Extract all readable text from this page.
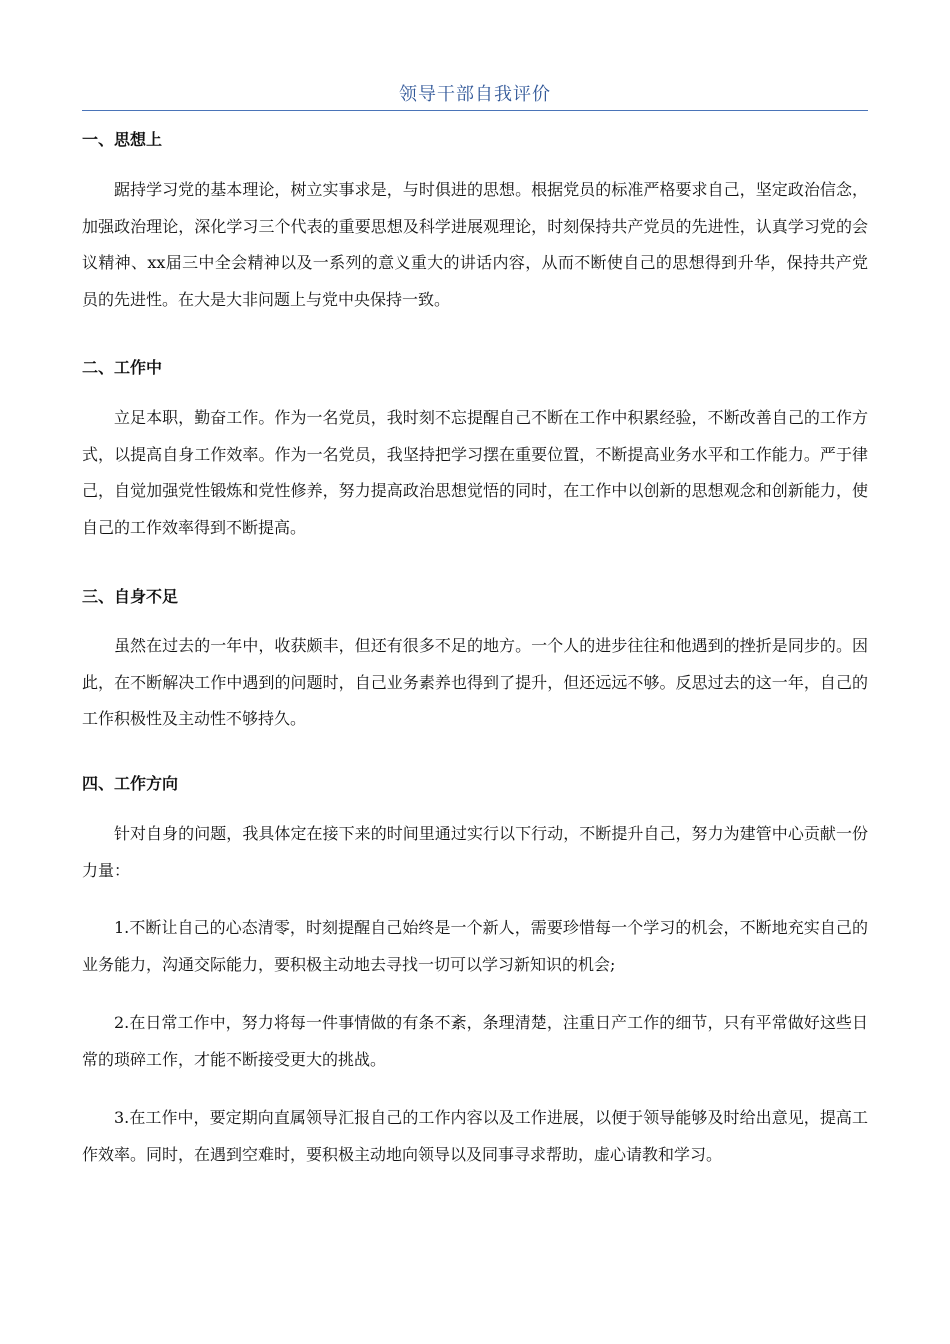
领导干部自我评价
一、思想上

踞持学习党的基本理论，树立实事求是，与时俱进的思想。根据党员的标准严格要求自己，坚定政治信念，加强政治理论，深化学习三个代表的重要思想及科学进展观理论，时刻保持共产党员的先进性，认真学习党的会议精神、xx届三中全会精神以及一系列的意义重大的讲话内容，从而不断使自己的思想得到升华，保持共产党员的先进性。在大是大非问题上与党中央保持一致。

二、工作中

立足本职，勤奋工作。作为一名党员，我时刻不忘提醒自己不断在工作中积累经验，不断改善自己的工作方式，以提高自身工作效率。作为一名党员，我坚持把学习摆在重要位置，不断提高业务水平和工作能力。严于律己，自觉加强党性锻炼和党性修养，努力提高政治思想觉悟的同时，在工作中以创新的思想观念和创新能力，使自己的工作效率得到不断提高。

三、自身不足

虽然在过去的一年中，收获颇丰，但还有很多不足的地方。一个人的进步往往和他遇到的挫折是同步的。因此，在不断解决工作中遇到的问题时，自己业务素养也得到了提升，但还远远不够。反思过去的这一年，自己的工作积极性及主动性不够持久。

四、工作方向

针对自身的问题，我具体定在接下来的时间里通过实行以下行动，不断提升自己，努力为建管中心贡献一份力量：

1.不断让自己的心态清零，时刻提醒自己始终是一个新人，需要珍惜每一个学习的机会，不断地充实自己的业务能力，沟通交际能力，要积极主动地去寻找一切可以学习新知识的机会;

2.在日常工作中，努力将每一件事情做的有条不紊，条理清楚，注重日产工作的细节，只有平常做好这些日常的琐碎工作，才能不断接受更大的挑战。

3.在工作中，要定期向直属领导汇报自己的工作内容以及工作进展，以便于领导能够及时给出意见，提高工作效率。同时，在遇到空难时，要积极主动地向领导以及同事寻求帮助，虚心请教和学习。
